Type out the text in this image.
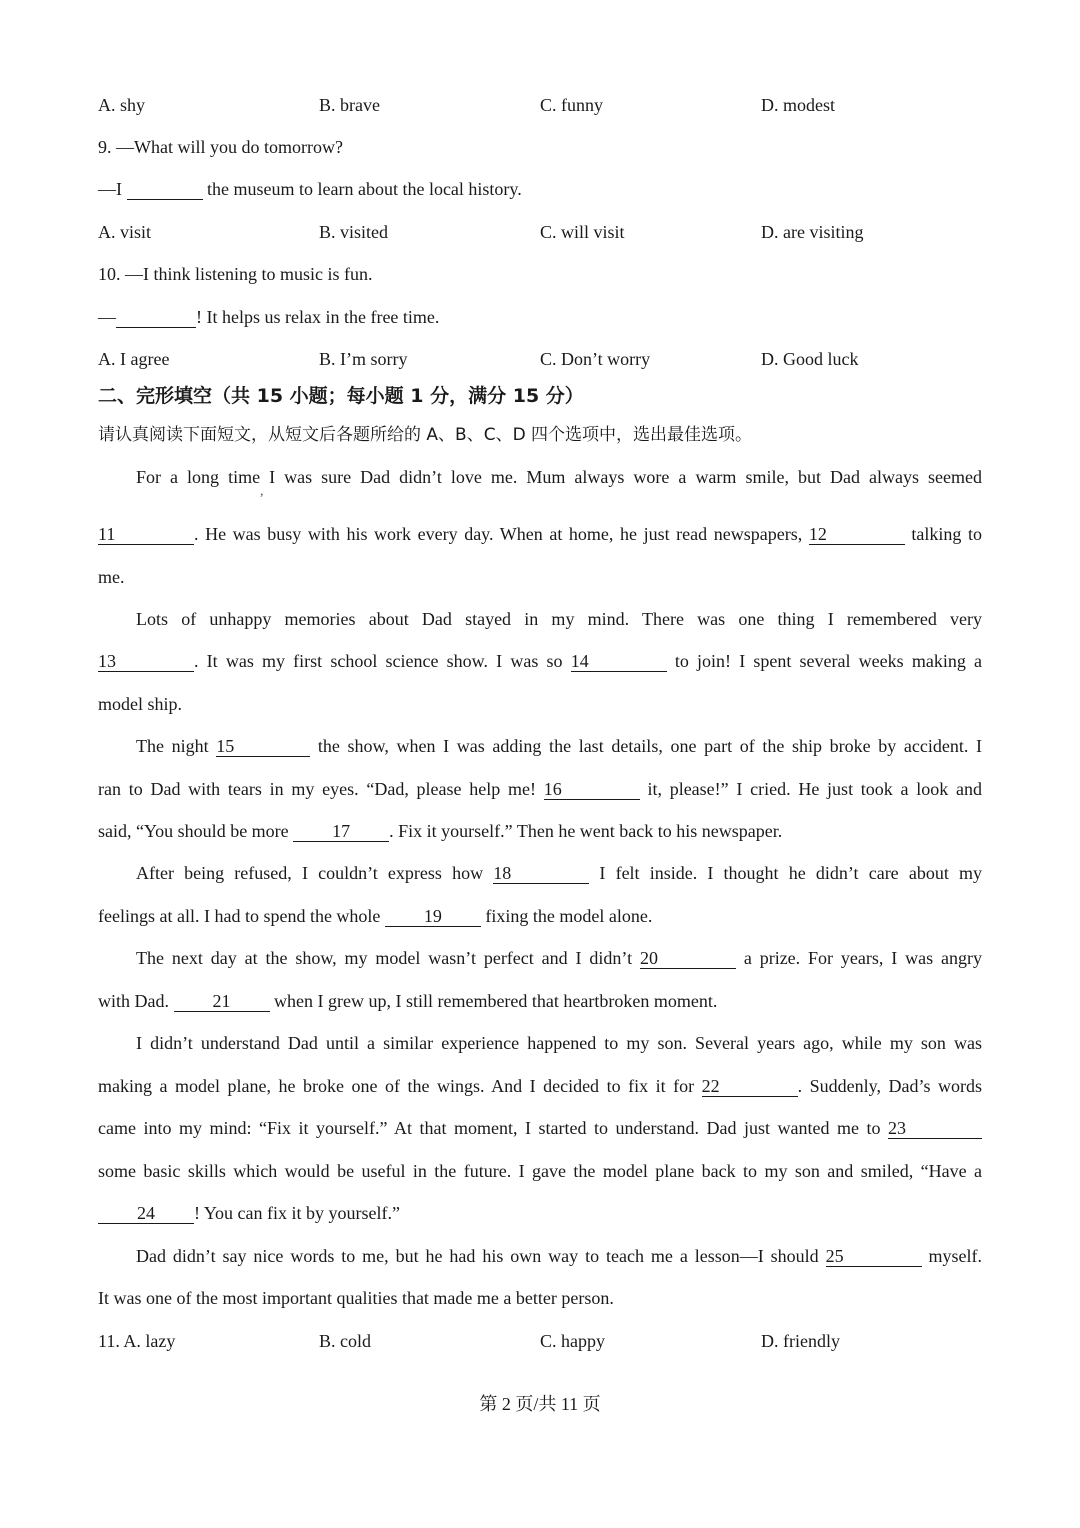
A. shy	B. brave	C. funny	D. modest
9. —What will you do tomorrow?
—I	the museum to learn about the local history.
A. visit	B. visited	C. will visit	D. are visiting
10. —I think listening to music is fun.
—	! It helps us relax in the free time.
A. I agree	B. I’m sorry	C. Don’t worry	D. Good luck
二、完形填空（共 15 小题；每小题 1 分，满分 15 分）
请认真阅读下面短文，从短文后各题所给的 A、B、C、D 四个选项中，选出最佳选项。
For a long time I was sure Dad didn’t love me. Mum always wore a warm smile, but Dad always seemed
,
11	. He was busy with his work every day. When at home, he just read newspapers, 12	talking to
me.
Lots of unhappy memories about Dad stayed in my mind. There was one thing I remembered very
13	. It was my first school science show. I was so 14	to join! I spent several weeks making a
model ship.
The night 15	the show, when I was adding the last details, one part of the ship broke by accident. I
ran to Dad with tears in my eyes. “Dad, please help me! 16	it, please!” I cried. He just took a look and
said, “You should be more 17 . Fix it yourself.” Then he went back to his newspaper.
After being refused, I couldn’t express how 18	I felt inside. I thought he didn’t care about my
feelings at all. I had to spend the whole 19 fixing the model alone.
The next day at the show, my model wasn’t perfect and I didn’t 20	a prize. For years, I was angry
with Dad. 21 when I grew up, I still remembered that heartbroken moment.
I didn’t understand Dad until a similar experience happened to my son. Several years ago, while my son was
making a model plane, he broke one of the wings. And I decided to fix it for 22	. Suddenly, Dad’s words
came into my mind: “Fix it yourself.” At that moment, I started to understand. Dad just wanted me to 23
some basic skills which would be useful in the future. I gave the model plane back to my son and smiled, “Have a
24 ! You can fix it by yourself.”
Dad didn’t say nice words to me, but he had his own way to teach me a lesson—I should 25	myself.
It was one of the most important qualities that made me a better person.
11. A. lazy	B. cold	C. happy	D. friendly
第 2 页/共 11 页
